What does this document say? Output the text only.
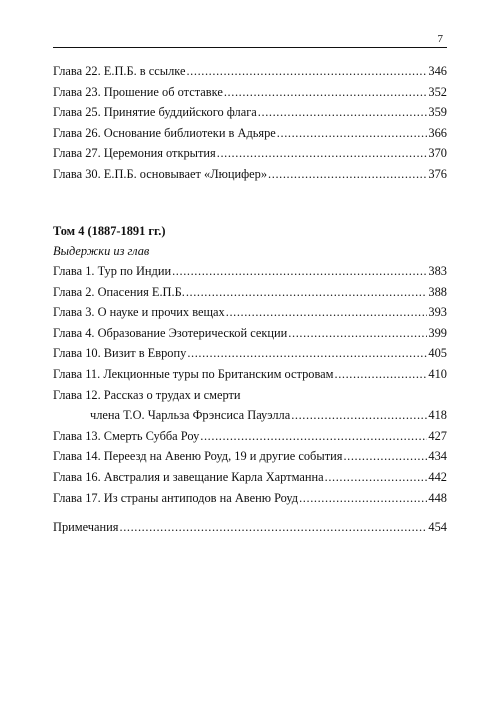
7
Глава 22. Е.П.Б. в ссылке .....	346
Глава 23. Прошение об отставке .....	352
Глава 25. Принятие буддийского флага .....	359
Глава 26. Основание библиотеки в Адьяре .....	366
Глава 27. Церемония открытия .....	370
Глава 30. Е.П.Б. основывает «Люцифер» .....	376
Том 4 (1887-1891 гг.)
Выдержки из глав
Глава 1. Тур по Индии .....	383
Глава 2. Опасения Е.П.Б. .....	388
Глава 3. О науке и прочих вещах .....	393
Глава 4. Образование Эзотерической секции .....	399
Глава 10. Визит в Европу .....	405
Глава 11. Лекционные туры по Британским островам .....	410
Глава 12. Рассказ о трудах и смерти
члена Т.О. Чарльза Фрэнсиса Пауэлла .....	418
Глава 13. Смерть Субба Роу .....	427
Глава 14. Переезд на Авеню Роуд, 19 и другие события .....	434
Глава 16. Австралия и завещание Карла Хартманна .....	442
Глава 17. Из страны антиподов на Авеню Роуд .....	448
Примечания .....	454
